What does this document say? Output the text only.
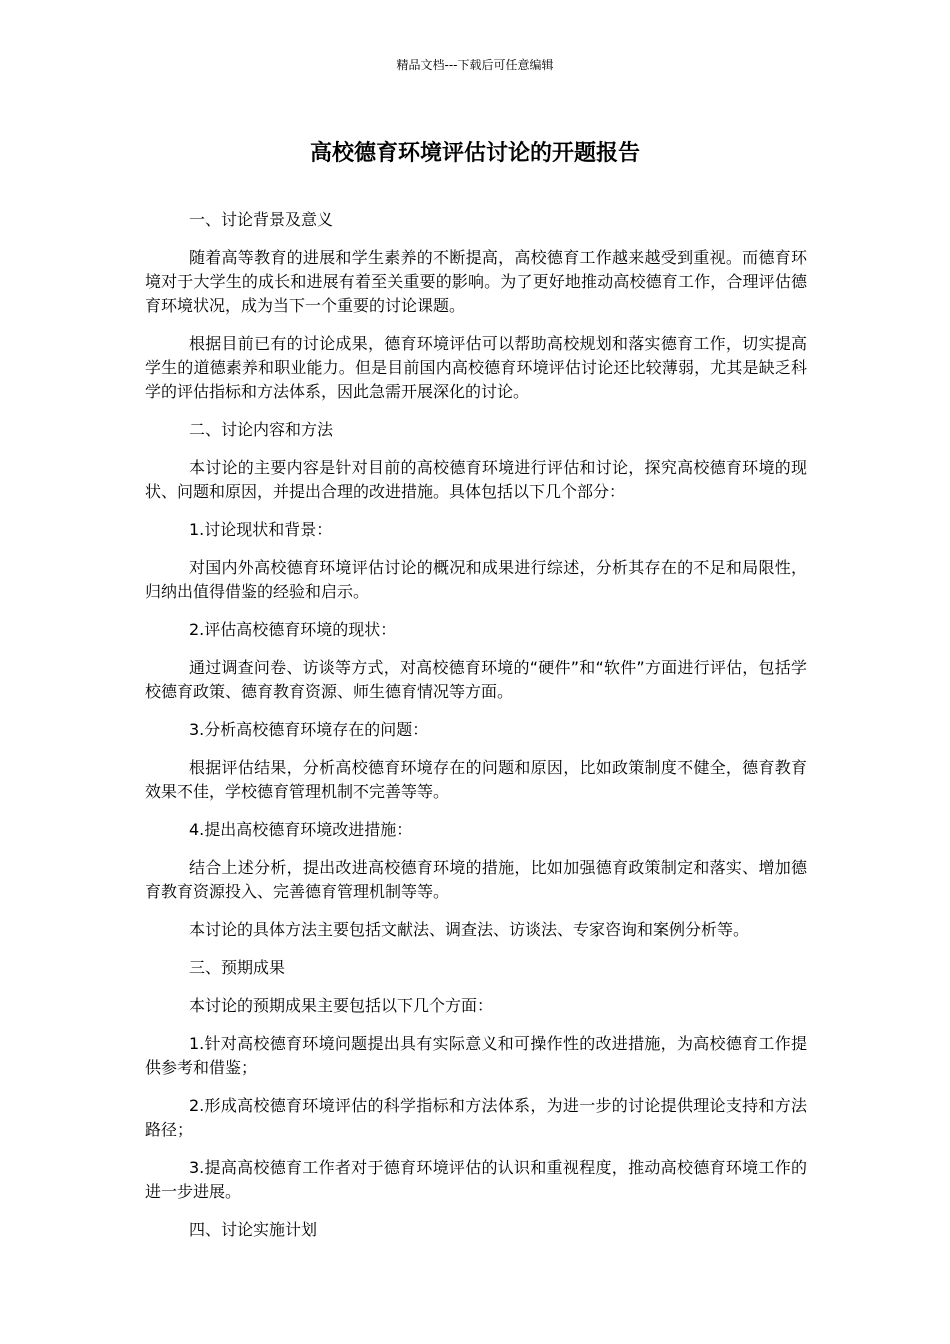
精品文档---下载后可任意编辑
高校德育环境评估讨论的开题报告

一、讨论背景及意义

随着高等教育的进展和学生素养的不断提高，高校德育工作越来越受到重视。而德育环境对于大学生的成长和进展有着至关重要的影响。为了更好地推动高校德育工作，合理评估德育环境状况，成为当下一个重要的讨论课题。

根据目前已有的讨论成果，德育环境评估可以帮助高校规划和落实德育工作，切实提高学生的道德素养和职业能力。但是目前国内高校德育环境评估讨论还比较薄弱，尤其是缺乏科学的评估指标和方法体系，因此急需开展深化的讨论。

二、讨论内容和方法

本讨论的主要内容是针对目前的高校德育环境进行评估和讨论，探究高校德育环境的现状、问题和原因，并提出合理的改进措施。具体包括以下几个部分：

1.讨论现状和背景：

对国内外高校德育环境评估讨论的概况和成果进行综述，分析其存在的不足和局限性，归纳出值得借鉴的经验和启示。

2.评估高校德育环境的现状：

通过调查问卷、访谈等方式，对高校德育环境的“硬件”和“软件”方面进行评估，包括学校德育政策、德育教育资源、师生德育情况等方面。

3.分析高校德育环境存在的问题：

根据评估结果，分析高校德育环境存在的问题和原因，比如政策制度不健全，德育教育效果不佳，学校德育管理机制不完善等等。

4.提出高校德育环境改进措施：

结合上述分析，提出改进高校德育环境的措施，比如加强德育政策制定和落实、增加德育教育资源投入、完善德育管理机制等等。

本讨论的具体方法主要包括文献法、调查法、访谈法、专家咨询和案例分析等。

三、预期成果

本讨论的预期成果主要包括以下几个方面：

1.针对高校德育环境问题提出具有实际意义和可操作性的改进措施，为高校德育工作提供参考和借鉴；

2.形成高校德育环境评估的科学指标和方法体系，为进一步的讨论提供理论支持和方法路径；

3.提高高校德育工作者对于德育环境评估的认识和重视程度，推动高校德育环境工作的进一步进展。

四、讨论实施计划
